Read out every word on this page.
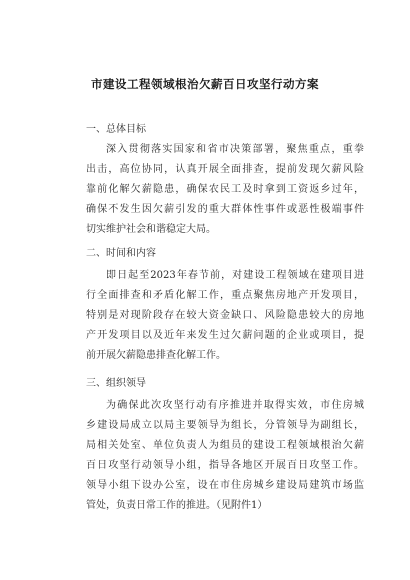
市建设工程领域根治欠薪百日攻坚行动方案
一、总体目标
深入贯彻落实国家和省市决策部署，聚焦重点，重拳
出击，高位协同，认真开展全面排查，提前发现欠薪风险
靠前化解欠薪隐患，确保农民工及时拿到工资返乡过年，
确保不发生因欠薪引发的重大群体性事件或恶性极端事件
切实维护社会和谐稳定大局。
二、时间和内容
即日起至2023年春节前，对建设工程领域在建项目进
行全面排查和矛盾化解工作，重点聚焦房地产开发项目，
特别是对现阶段存在较大资金缺口、风险隐患较大的房地
产开发项目以及近年来发生过欠薪问题的企业或项目，提
前开展欠薪隐患排查化解工作。
三、组织领导
为确保此次攻坚行动有序推进并取得实效，市住房城
乡建设局成立以局主要领导为组长，分管领导为副组长，
局相关处室、单位负责人为组员的建设工程领域根治欠薪
百日攻坚行动领导小组，指导各地区开展百日攻坚工作。
领导小组下设办公室，设在市住房城乡建设局建筑市场监
管处，负责日常工作的推进。（见附件1）
